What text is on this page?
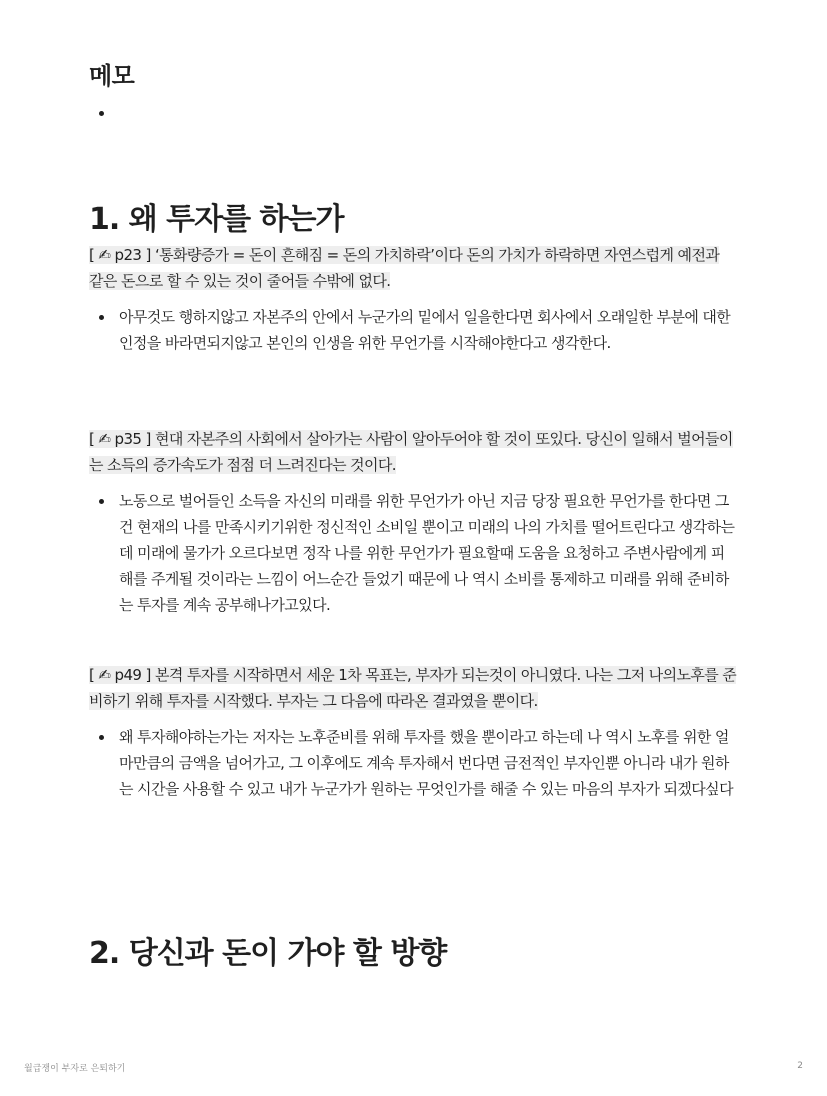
메모
1. 왜 투자를 하는가

[ ✍ p23 ] ‘통화량증가 = 돈이 흔해짐 = 돈의 가치하락’이다 돈의 가치가 하락하면 자연스럽게 예전과 같은 돈으로 할 수 있는 것이 줄어들 수밖에 없다.

아무것도 행하지않고 자본주의 안에서 누군가의 밑에서 일을한다면 회사에서 오래일한 부분에 대한 인정을 바라면되지않고 본인의 인생을 위한 무언가를 시작해야한다고 생각한다.

[ ✍ p35 ] 현대 자본주의 사회에서 살아가는 사람이 알아두어야 할 것이 또있다. 당신이 일해서 벌어들이는 소득의 증가속도가 점점 더 느려진다는 것이다.

노동으로 벌어들인 소득을 자신의 미래를 위한 무언가가 아닌 지금 당장 필요한 무언가를 한다면 그건 현재의 나를 만족시키기위한 정신적인 소비일 뿐이고 미래의 나의 가치를 떨어트린다고 생각하는데 미래에 물가가 오르다보면 정작 나를 위한 무언가가 필요할때 도움을 요청하고 주변사람에게 피해를 주게될 것이라는 느낌이 어느순간 들었기 때문에 나 역시 소비를 통제하고 미래를 위해 준비하는 투자를 계속 공부해나가고있다.

[ ✍ p49 ] 본격 투자를 시작하면서 세운 1차 목표는, 부자가 되는것이 아니였다. 나는 그저 나의노후를 준비하기 위해 투자를 시작했다. 부자는 그 다음에 따라온 결과였을 뿐이다.

왜 투자해야하는가는 저자는 노후준비를 위해 투자를 했을 뿐이라고 하는데 나 역시 노후를 위한 얼마만큼의 금액을 넘어가고, 그 이후에도 계속 투자해서 번다면 금전적인 부자인뿐 아니라 내가 원하는 시간을 사용할 수 있고 내가 누군가가 원하는 무엇인가를 해줄 수 있는 마음의 부자가 되겠다싶다
2. 당신과 돈이 가야 할 방향
월급쟁이 부자로 은퇴하기	2
